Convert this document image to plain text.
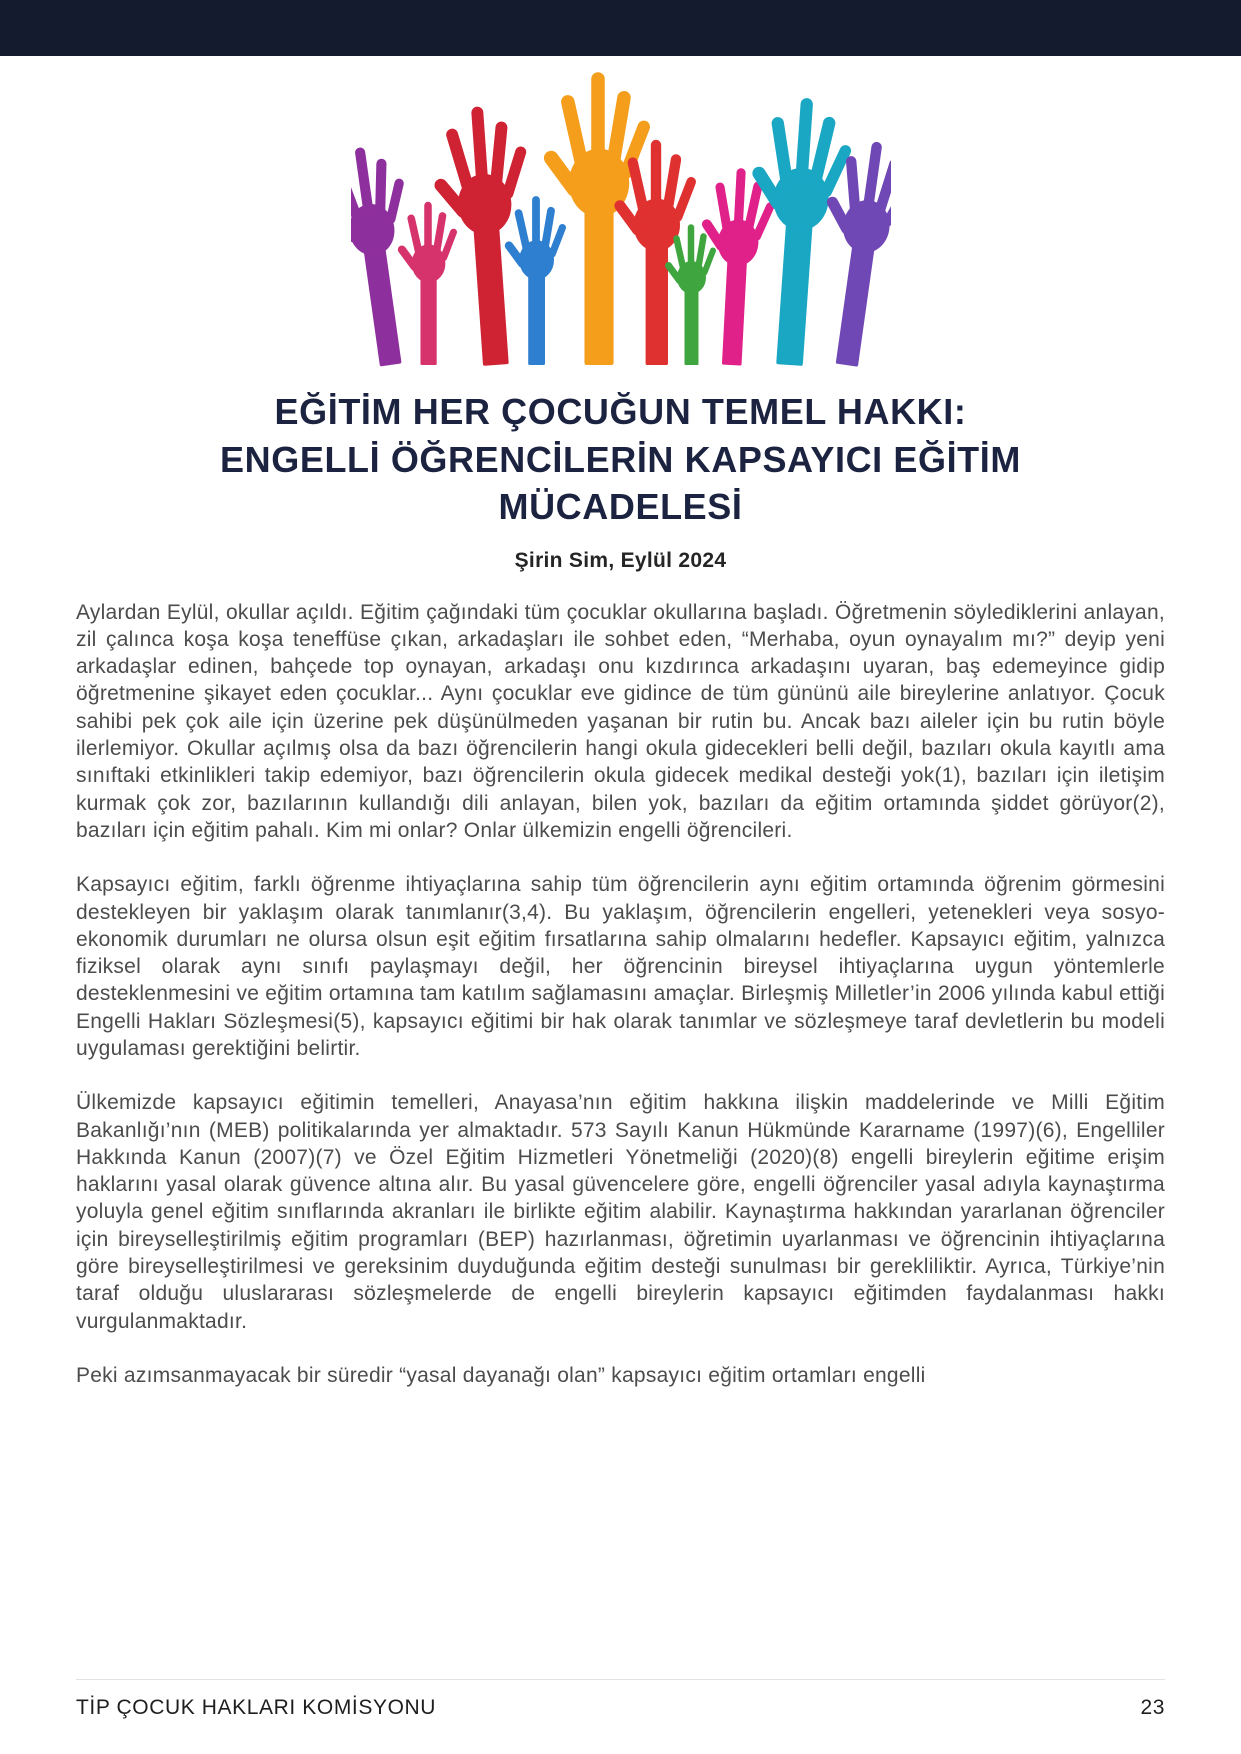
EĞİTİM HER ÇOCUĞUN TEMEL HAKKI:
ENGELLİ ÖĞRENCİLERİN KAPSAYICI EĞİTİM
MÜCADELESİ
Şirin Sim, Eylül 2024

Aylardan Eylül, okullar açıldı. Eğitim çağındaki tüm çocuklar okullarına başladı. Öğretmenin söylediklerini anlayan, zil çalınca koşa koşa teneffüse çıkan, arkadaşları ile sohbet eden, “Merhaba, oyun oynayalım mı?” deyip yeni arkadaşlar edinen, bahçede top oynayan, arkadaşı onu kızdırınca arkadaşını uyaran, baş edemeyince gidip öğretmenine şikayet eden çocuklar... Aynı çocuklar eve gidince de tüm gününü aile bireylerine anlatıyor. Çocuk sahibi pek çok aile için üzerine pek düşünülmeden yaşanan bir rutin bu. Ancak bazı aileler için bu rutin böyle ilerlemiyor. Okullar açılmış olsa da bazı öğrencilerin hangi okula gidecekleri belli değil, bazıları okula kayıtlı ama sınıftaki etkinlikleri takip edemiyor, bazı öğrencilerin okula gidecek medikal desteği yok(1), bazıları için iletişim kurmak çok zor, bazılarının kullandığı dili anlayan, bilen yok, bazıları da eğitim ortamında şiddet görüyor(2), bazıları için eğitim pahalı. Kim mi onlar? Onlar ülkemizin engelli öğrencileri.

Kapsayıcı eğitim, farklı öğrenme ihtiyaçlarına sahip tüm öğrencilerin aynı eğitim ortamında öğrenim görmesini destekleyen bir yaklaşım olarak tanımlanır(3,4). Bu yaklaşım, öğrencilerin engelleri, yetenekleri veya sosyo-ekonomik durumları ne olursa olsun eşit eğitim fırsatlarına sahip olmalarını hedefler. Kapsayıcı eğitim, yalnızca fiziksel olarak aynı sınıfı paylaşmayı değil, her öğrencinin bireysel ihtiyaçlarına uygun yöntemlerle desteklenmesini ve eğitim ortamına tam katılım sağlamasını amaçlar. Birleşmiş Milletler’in 2006 yılında kabul ettiği Engelli Hakları Sözleşmesi(5), kapsayıcı eğitimi bir hak olarak tanımlar ve sözleşmeye taraf devletlerin bu modeli uygulaması gerektiğini belirtir.

Ülkemizde kapsayıcı eğitimin temelleri, Anayasa’nın eğitim hakkına ilişkin maddelerinde ve Milli Eğitim Bakanlığı’nın (MEB) politikalarında yer almaktadır. 573 Sayılı Kanun Hükmünde Kararname (1997)(6), Engelliler Hakkında Kanun (2007)(7) ve Özel Eğitim Hizmetleri Yönetmeliği (2020)(8) engelli bireylerin eğitime erişim haklarını yasal olarak güvence altına alır. Bu yasal güvencelere göre, engelli öğrenciler yasal adıyla kaynaştırma yoluyla genel eğitim sınıflarında akranları ile birlikte eğitim alabilir. Kaynaştırma hakkından yararlanan öğrenciler için bireyselleştirilmiş eğitim programları (BEP) hazırlanması, öğretimin uyarlanması ve öğrencinin ihtiyaçlarına göre bireyselleştirilmesi ve gereksinim duyduğunda eğitim desteği sunulması bir gerekliliktir. Ayrıca, Türkiye’nin taraf olduğu uluslararası sözleşmelerde de engelli bireylerin kapsayıcı eğitimden faydalanması hakkı vurgulanmaktadır.

Peki azımsanmayacak bir süredir “yasal dayanağı olan” kapsayıcı eğitim ortamları engelli

TİP ÇOCUK HAKLARI KOMİSYONU	23
